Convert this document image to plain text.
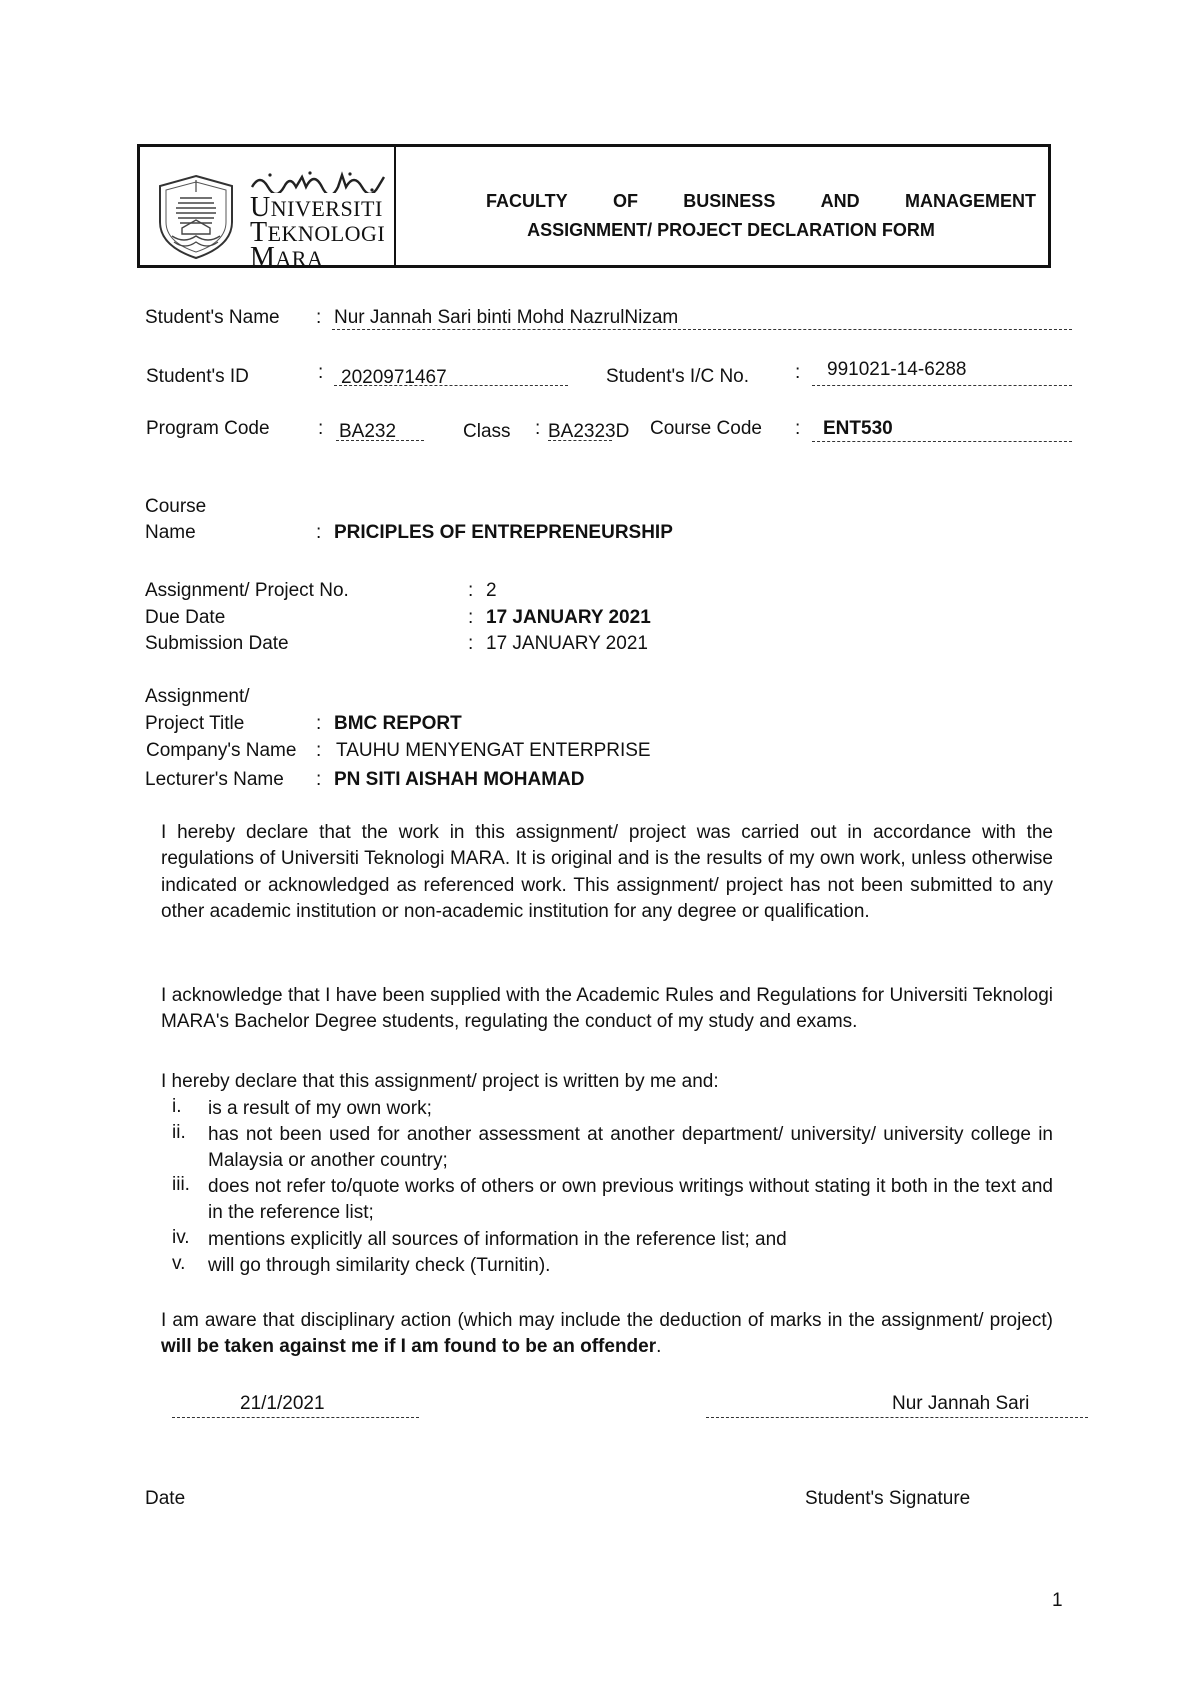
UNIVERSITI
TEKNOLOGI
MARA
FACULTY	OF	BUSINESS	AND	MANAGEMENT
ASSIGNMENT/ PROJECT DECLARATION FORM
Student's Name : Nur Jannah Sari binti Mohd NazrulNizam
Student's ID	: 2020971467	Student's I/C No. : 991021-14-6288
Program Code	: BA232	Class : BA2323D Course Code : ENT530
Course
Name	: PRICIPLES OF ENTREPRENEURSHIP
Assignment/ Project No.	: 2
Due Date	: 17 JANUARY 2021
Submission Date	: 17 JANUARY 2021
Assignment/
Project Title	: BMC REPORT
Company's Name : TAUHU MENYENGAT ENTERPRISE
Lecturer's Name : PN SITI AISHAH MOHAMAD
I hereby declare that the work in this assignment/ project was carried out in accordance with the regulations of Universiti Teknologi MARA. It is original and is the results of my own work, unless otherwise indicated or acknowledged as referenced work. This assignment/ project has not been submitted to any other academic institution or non-academic institution for any degree or qualification.
I acknowledge that I have been supplied with the Academic Rules and Regulations for Universiti Teknologi MARA's Bachelor Degree students, regulating the conduct of my study and exams.
I hereby declare that this assignment/ project is written by me and:
i. is a result of my own work;
ii. has not been used for another assessment at another department/ university/ university college in Malaysia or another country;
iii. does not refer to/quote works of others or own previous writings without stating it both in the text and in the reference list;
iv. mentions explicitly all sources of information in the reference list; and
v. will go through similarity check (Turnitin).
I am aware that disciplinary action (which may include the deduction of marks in the assignment/ project) will be taken against me if I am found to be an offender.
21/1/2021	Nur Jannah Sari
Date	Student's Signature
1
